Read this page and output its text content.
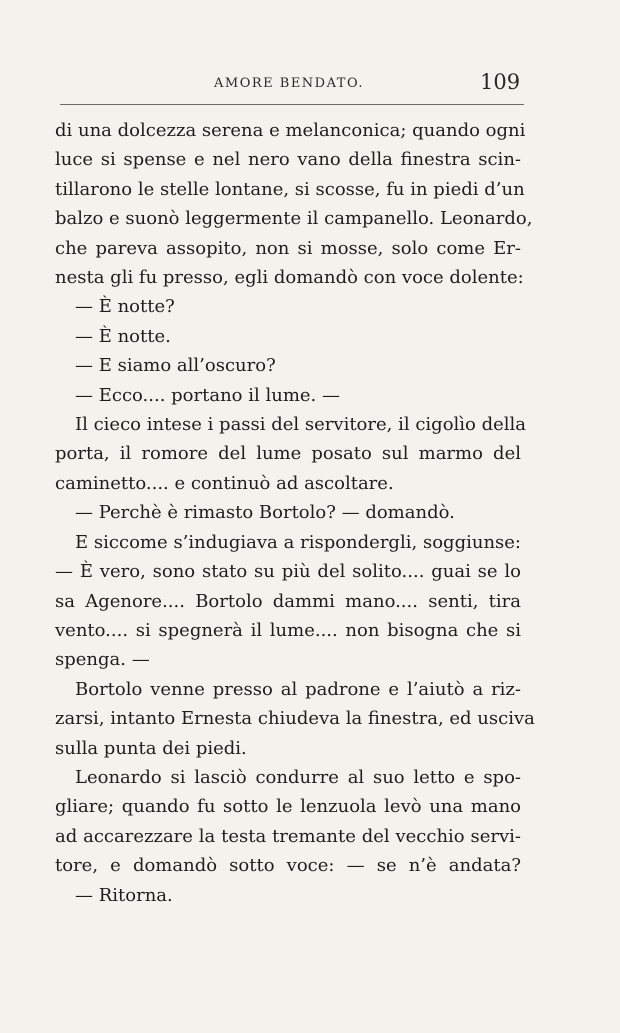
AMORE BENDATO.	109
di una dolcezza serena e melanconica; quando ogni
luce si spense e nel nero vano della finestra scin-
tillarono le stelle lontane, si scosse, fu in piedi d’un
balzo e suonò leggermente il campanello. Leonardo,
che pareva assopito, non si mosse, solo come Er-
nesta gli fu presso, egli domandò con voce dolente:
— È notte?
— È notte.
— E siamo all’oscuro?
— Ecco.... portano il lume. —
Il cieco intese i passi del servitore, il cigolìo della
porta, il romore del lume posato sul marmo del
caminetto.... e continuò ad ascoltare.
— Perchè è rimasto Bortolo? — domandò.
E siccome s’indugiava a rispondergli, soggiunse:
— È vero, sono stato su più del solito.... guai se lo
sa Agenore.... Bortolo dammi mano.... senti, tira
vento.... si spegnerà il lume.... non bisogna che si
spenga. —
Bortolo venne presso al padrone e l’aiutò a riz-
zarsi, intanto Ernesta chiudeva la finestra, ed usciva
sulla punta dei piedi.
Leonardo si lasciò condurre al suo letto e spo-
gliare; quando fu sotto le lenzuola levò una mano
ad accarezzare la testa tremante del vecchio servi-
tore, e domandò sotto voce: — se n’è andata?
— Ritorna.
